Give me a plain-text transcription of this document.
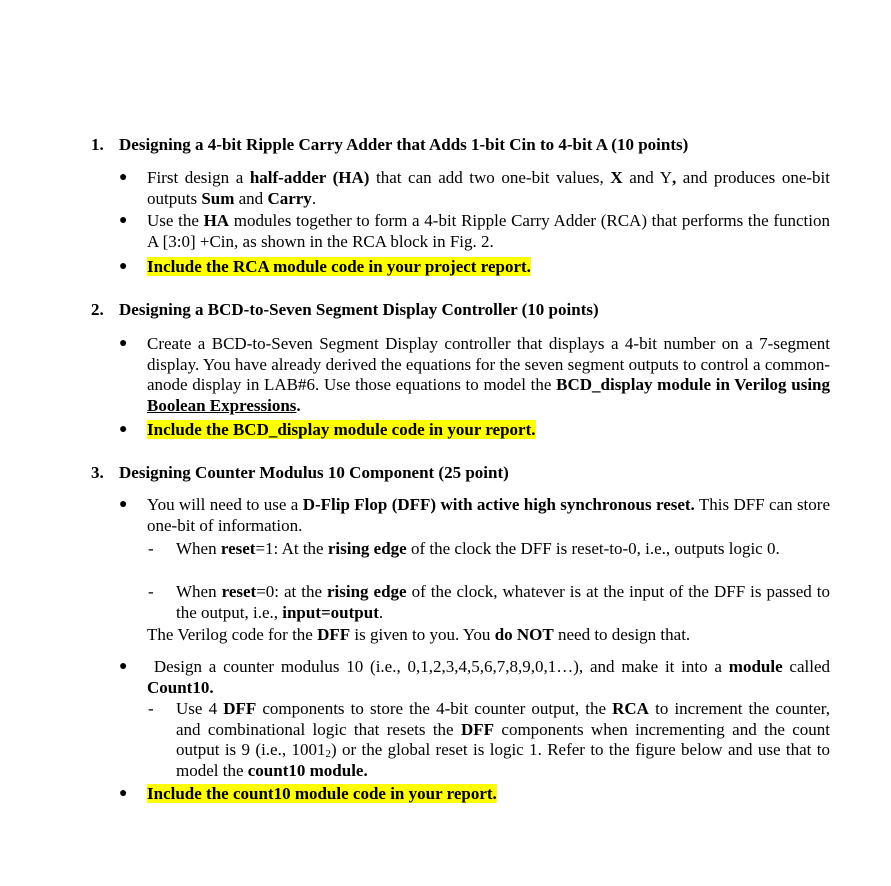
1. Designing a 4-bit Ripple Carry Adder that Adds 1-bit Cin to 4-bit A (10 points)
● First design a half-adder (HA) that can add two one-bit values, X and Y, and produces one-bit outputs Sum and Carry.
● Use the HA modules together to form a 4-bit Ripple Carry Adder (RCA) that performs the function A [3:0] +Cin, as shown in the RCA block in Fig. 2.
● Include the RCA module code in your project report.
2. Designing a BCD-to-Seven Segment Display Controller (10 points)
● Create a BCD-to-Seven Segment Display controller that displays a 4-bit number on a 7-segment display. You have already derived the equations for the seven segment outputs to control a common-anode display in LAB#6. Use those equations to model the BCD_display module in Verilog using Boolean Expressions.
● Include the BCD_display module code in your report.
3. Designing Counter Modulus 10 Component (25 point)
● You will need to use a D-Flip Flop (DFF) with active high synchronous reset. This DFF can store one-bit of information.
- When reset=1: At the rising edge of the clock the DFF is reset-to-0, i.e., outputs logic 0.
- When reset=0: at the rising edge of the clock, whatever is at the input of the DFF is passed to the output, i.e., input=output.
The Verilog code for the DFF is given to you. You do NOT need to design that.
● Design a counter modulus 10 (i.e., 0,1,2,3,4,5,6,7,8,9,0,1…), and make it into a module called Count10.
- Use 4 DFF components to store the 4-bit counter output, the RCA to increment the counter, and combinational logic that resets the DFF components when incrementing and the count output is 9 (i.e., $1001_2$) or the global reset is logic 1. Refer to the figure below and use that to model the count10 module.
● Include the count10 module code in your report.
